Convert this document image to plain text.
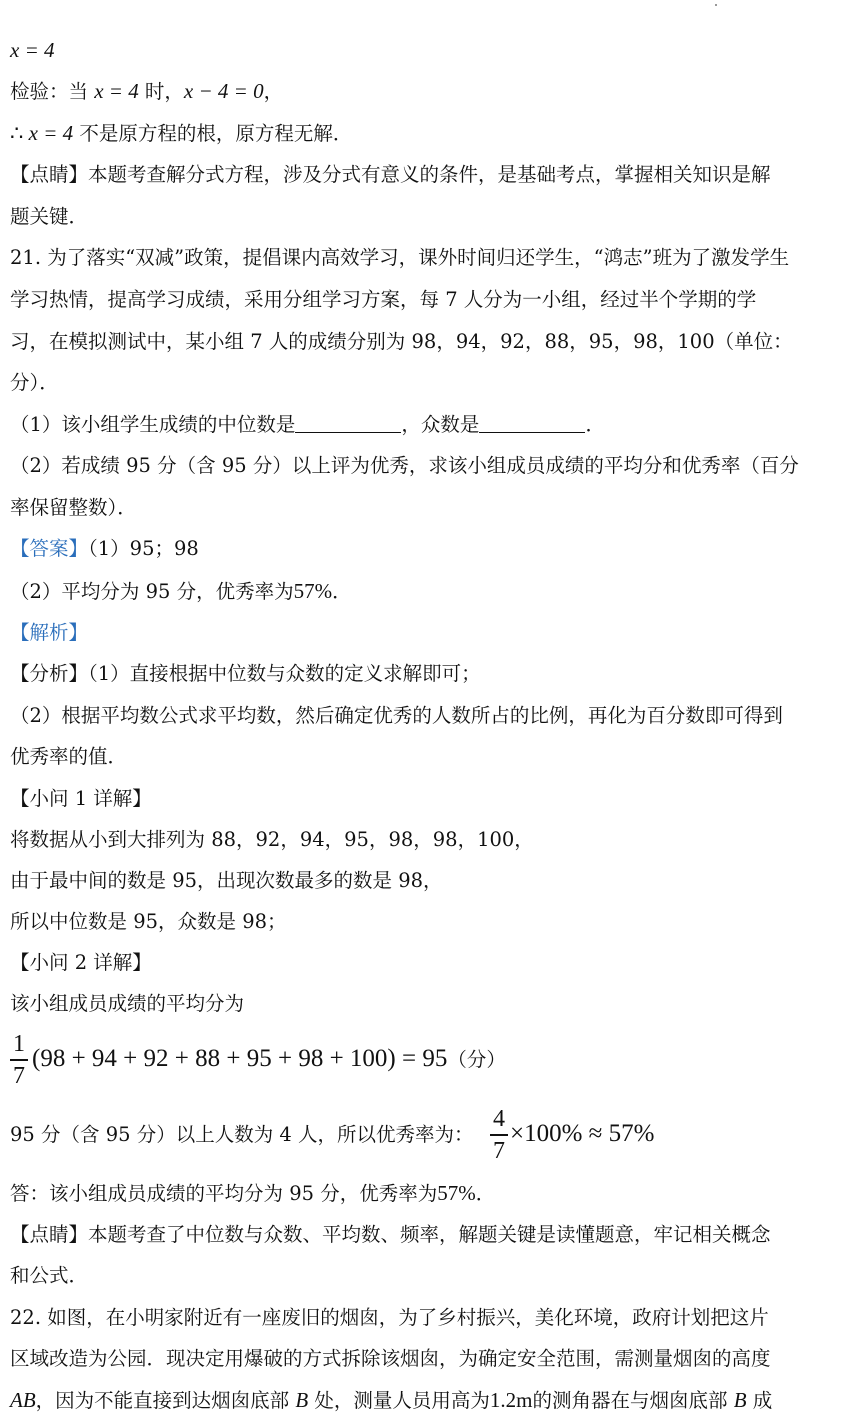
x = 4
检验：当 x = 4 时，x − 4 = 0，
∴ x = 4 不是原方程的根，原方程无解．
【点睛】本题考查解分式方程，涉及分式有意义的条件，是基础考点，掌握相关知识是解
题关键．
21. 为了落实“双减”政策，提倡课内高效学习，课外时间归还学生，“鸿志”班为了激发学生
学习热情，提高学习成绩，采用分组学习方案，每 7 人分为一小组，经过半个学期的学
习，在模拟测试中，某小组 7 人的成绩分别为 98，94，92，88，95，98，100（单位：
分）．
（1）该小组学生成绩的中位数是	，众数是	．
（2）若成绩 95 分（含 95 分）以上评为优秀，求该小组成员成绩的平均分和优秀率（百分
率保留整数）．
【答案】（1）95；98
（2）平均分为 95 分，优秀率为57%．
【解析】
【分析】（1）直接根据中位数与众数的定义求解即可；
（2）根据平均数公式求平均数，然后确定优秀的人数所占的比例，再化为百分数即可得到
优秀率的值．
【小问 1 详解】
将数据从小到大排列为 88，92，94，95，98，98，100，
由于最中间的数是 95，出现次数最多的数是 98，
所以中位数是 95，众数是 98；
【小问 2 详解】
该小组成员成绩的平均分为
1
7
(98 + 94 + 92 + 88 + 95 + 98 + 100) = 95（分）
95 分（含 95 分）以上人数为 4 人，所以优秀率为：
4
7
×100% ≈ 57%
答：该小组成员成绩的平均分为 95 分，优秀率为57%．
【点睛】本题考查了中位数与众数、平均数、频率，解题关键是读懂题意，牢记相关概念
和公式．
22. 如图，在小明家附近有一座废旧的烟囱，为了乡村振兴，美化环境，政府计划把这片
区域改造为公园．现决定用爆破的方式拆除该烟囱，为确定安全范围，需测量烟囱的高度
AB，因为不能直接到达烟囱底部 B 处，测量人员用高为1.2m的测角器在与烟囱底部 B 成
